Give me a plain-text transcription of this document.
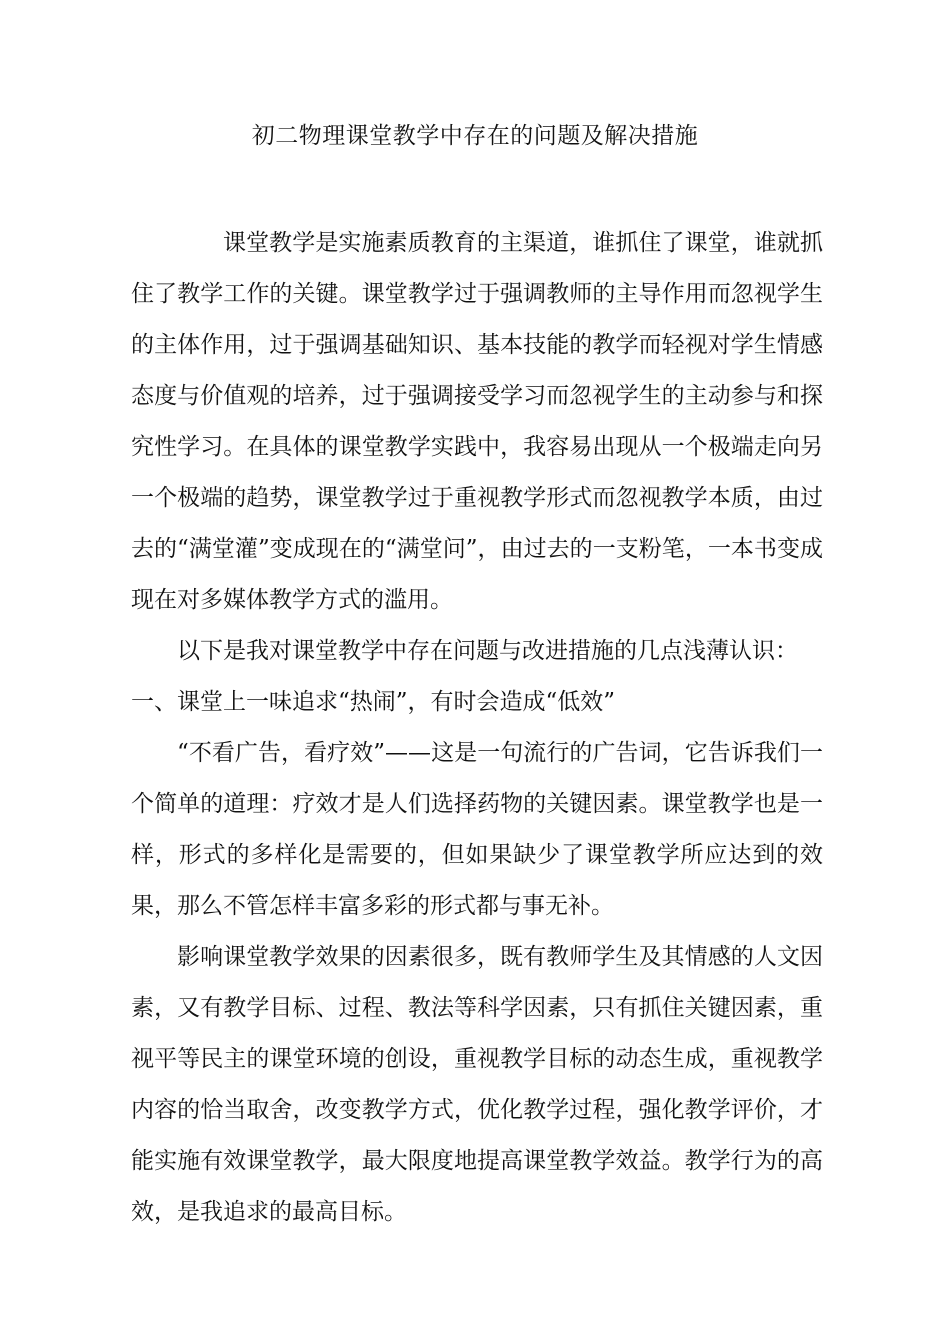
初二物理课堂教学中存在的问题及解决措施

课堂教学是实施素质教育的主渠道，谁抓住了课堂，谁就抓住了教学工作的关键。课堂教学过于强调教师的主导作用而忽视学生的主体作用，过于强调基础知识、基本技能的教学而轻视对学生情感态度与价值观的培养，过于强调接受学习而忽视学生的主动参与和探究性学习。在具体的课堂教学实践中，我容易出现从一个极端走向另一个极端的趋势，课堂教学过于重视教学形式而忽视教学本质，由过去的“满堂灌”变成现在的“满堂问”，由过去的一支粉笔，一本书变成现在对多媒体教学方式的滥用。

以下是我对课堂教学中存在问题与改进措施的几点浅薄认识：

一、课堂上一味追求“热闹”，有时会造成“低效”

“不看广告，看疗效”——这是一句流行的广告词，它告诉我们一个简单的道理：疗效才是人们选择药物的关键因素。课堂教学也是一样，形式的多样化是需要的，但如果缺少了课堂教学所应达到的效果，那么不管怎样丰富多彩的形式都与事无补。

影响课堂教学效果的因素很多，既有教师学生及其情感的人文因素，又有教学目标、过程、教法等科学因素，只有抓住关键因素，重视平等民主的课堂环境的创设，重视教学目标的动态生成，重视教学内容的恰当取舍，改变教学方式，优化教学过程，强化教学评价，才能实施有效课堂教学，最大限度地提高课堂教学效益。教学行为的高效，是我追求的最高目标。
